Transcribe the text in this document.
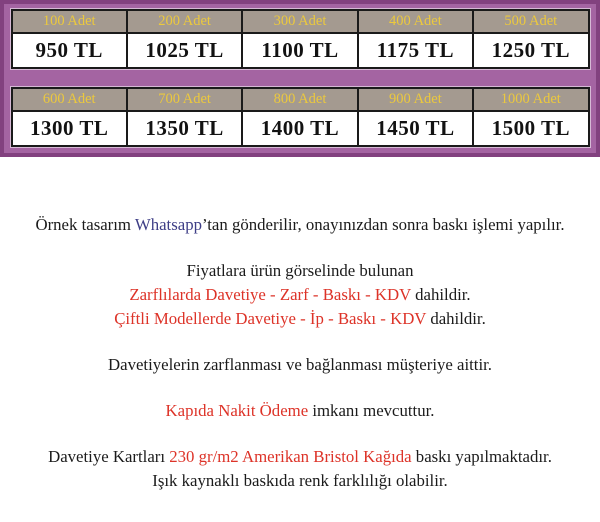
100 Adet	200 Adet	300 Adet	400 Adet	500 Adet
950 TL	1025 TL	1100 TL	1175 TL	1250 TL
600 Adet	700 Adet	800 Adet	900 Adet	1000 Adet
1300 TL	1350 TL	1400 TL	1450 TL	1500 TL

Örnek tasarım Whatsapp’tan gönderilir, onayınızdan sonra baskı işlemi yapılır.

Fiyatlara ürün görselinde bulunan
Zarflılarda Davetiye - Zarf - Baskı - KDV dahildir.
Çiftli Modellerde Davetiye - İp - Baskı - KDV dahildir.

Davetiyelerin zarflanması ve bağlanması müşteriye aittir.

Kapıda Nakit Ödeme imkanı mevcuttur.

Davetiye Kartları 230 gr/m2 Amerikan Bristol Kağıda baskı yapılmaktadır.
Işık kaynaklı baskıda renk farklılığı olabilir.
